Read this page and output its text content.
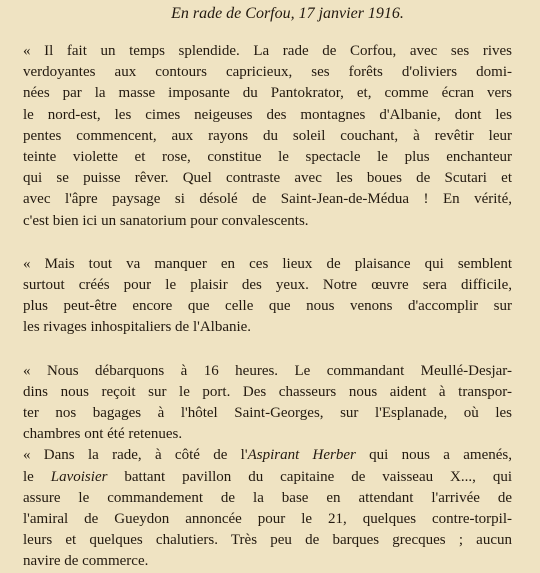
En rade de Corfou, 17 janvier 1916.
« Il fait un temps splendide. La rade de Corfou, avec ses rives
verdoyantes aux contours capricieux, ses forêts d'oliviers domi-
nées par la masse imposante du Pantokrator, et, comme écran vers
le nord-est, les cimes neigeuses des montagnes d'Albanie, dont les
pentes commencent, aux rayons du soleil couchant, à revêtir leur
teinte violette et rose, constitue le spectacle le plus enchanteur
qui se puisse rêver. Quel contraste avec les boues de Scutari et
avec l'âpre paysage si désolé de Saint-Jean-de-Médua ! En vérité,
c'est bien ici un sanatorium pour convalescents.
« Mais tout va manquer en ces lieux de plaisance qui semblent
surtout créés pour le plaisir des yeux. Notre œuvre sera difficile,
plus peut-être encore que celle que nous venons d'accomplir sur
les rivages inhospitaliers de l'Albanie.
« Nous débarquons à 16 heures. Le commandant Meullé-Desjar-
dins nous reçoit sur le port. Des chasseurs nous aident à transpor-
ter nos bagages à l'hôtel Saint-Georges, sur l'Esplanade, où les
chambres ont été retenues.
« Dans la rade, à côté de l'Aspirant Herber qui nous a amenés,
le Lavoisier battant pavillon du capitaine de vaisseau X..., qui
assure le commandement de la base en attendant l'arrivée de
l'amiral de Gueydon annoncée pour le 21, quelques contre-torpil-
leurs et quelques chalutiers. Très peu de barques grecques ; aucun
navire de commerce.
